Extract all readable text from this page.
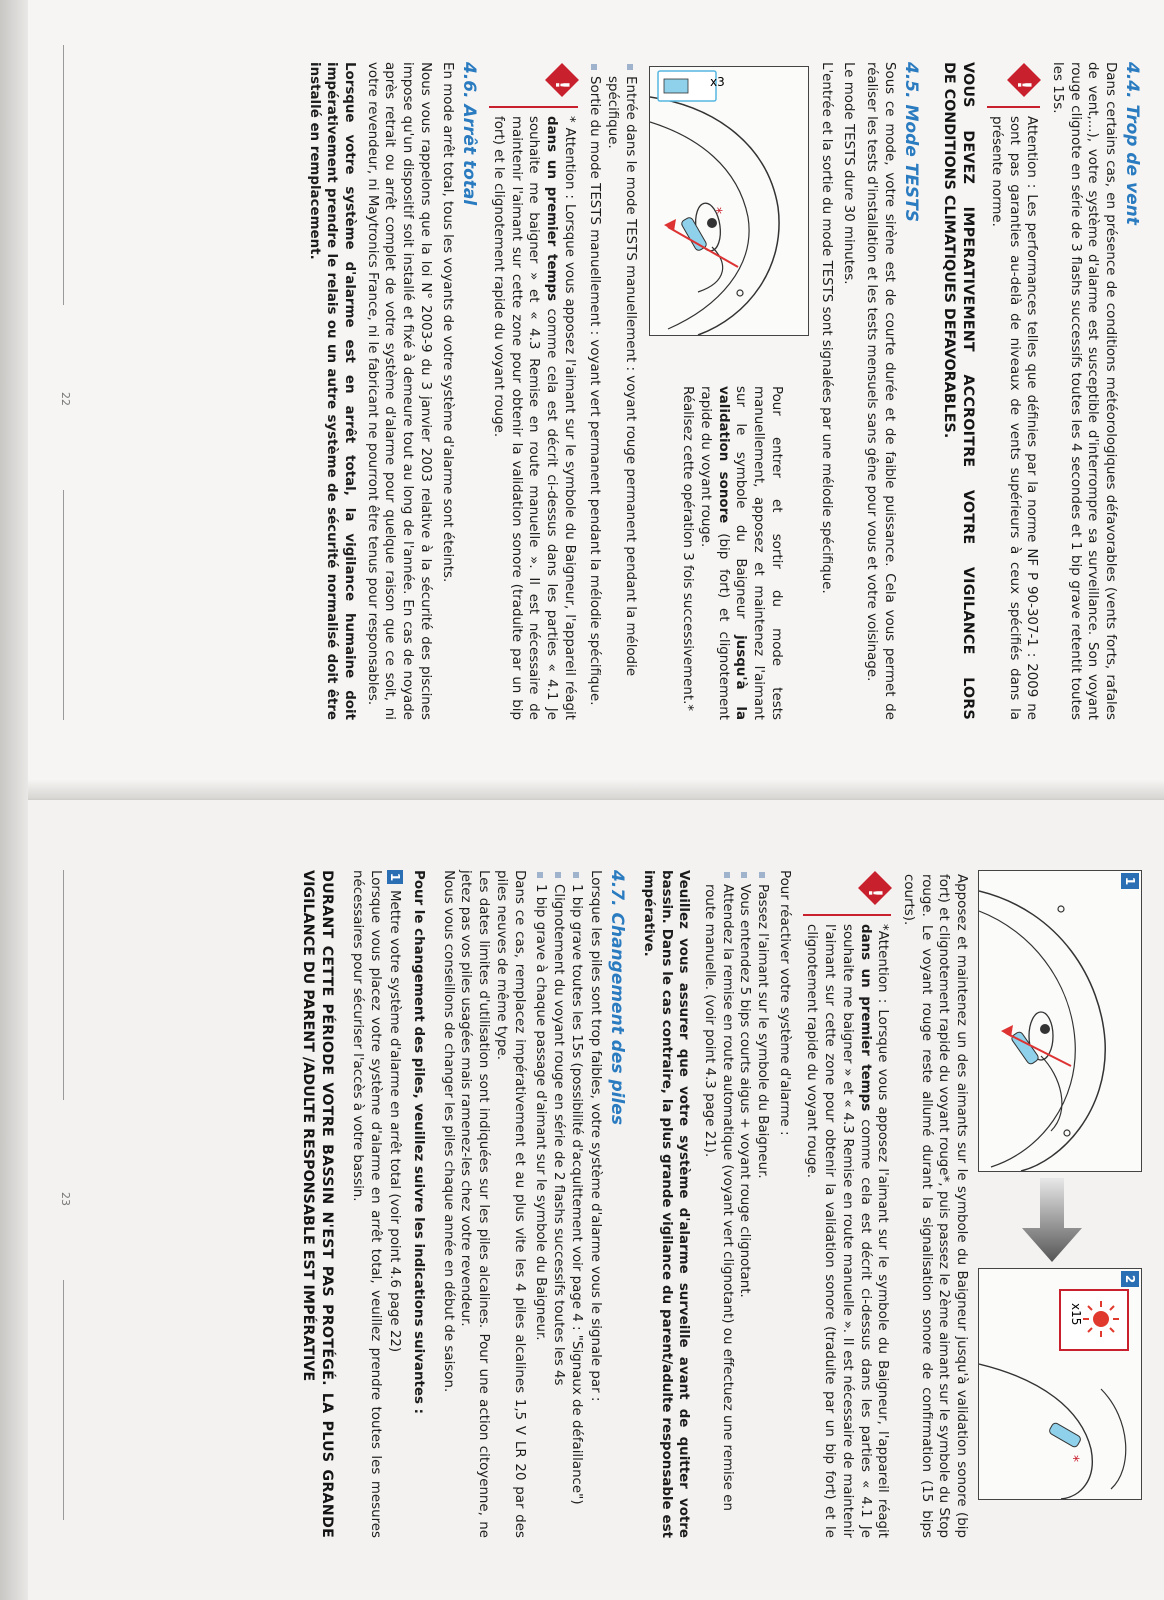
4.4. Trop de vent

Dans certains cas, en présence de conditions météorologiques défavorables (vents forts, rafales de vent,...), votre système d'alarme est susceptible d'interrompre sa surveillance. Son voyant rouge clignote en série de 3 flashs successifs toutes les 4 secondes et 1 bip grave retentit toutes les 15s.

!

Attention : Les performances telles que définies par la norme NF P 90-307-1 : 2009 ne sont pas garanties au-delà de niveaux de vents supérieurs à ceux spécifiés dans la présente norme.

VOUS DEVEZ IMPERATIVEMENT ACCROITRE VOTRE VIGILANCE LORS

DE CONDITIONS CLIMATIQUES DEFAVORABLES.

4.5. Mode TESTS

Sous ce mode, votre sirène est de courte durée et de faible puissance. Cela vous permet de réaliser les tests d'installation et les tests mensuels sans gêne pour vous et votre voisinage.

Le mode TESTS dure 30 minutes.

L'entrée et la sortie du mode TESTS sont signalées par une mélodie spécifique.

*
x3

Pour entrer et sortir du mode tests manuellement, apposez et maintenez l'aimant sur le symbole du Baigneur jusqu'à la validation sonore (bip fort) et clignotement rapide du voyant rouge.

Réalisez cette opération 3 fois successivement.*

Entrée dans le mode TESTS manuellement : voyant rouge permanent pendant la mélodie spécifique.
Sortie du mode TESTS manuellement : voyant vert permanent pendant la mélodie spécifique.
!

* Attention : Lorsque vous apposez l'aimant sur le symbole du Baigneur, l'appareil réagit dans un premier temps comme cela est décrit ci-dessus dans les parties « 4.1 Je souhaite me baigner » et « 4.3 Remise en route manuelle ». Il est nécessaire de maintenir l'aimant sur cette zone pour obtenir la validation sonore (traduite par un bip fort) et le clignotement rapide du voyant rouge.

4.6. Arrêt total

En mode arrêt total, tous les voyants de votre système d'alarme sont éteints.

Nous vous rappelons que la loi N° 2003-9 du 3 janvier 2003 relative à la sécurité des piscines impose qu'un dispositif soit installé et fixé à demeure tout au long de l'année. En cas de noyade après retrait ou arrêt complet de votre système d'alarme pour quelque raison que ce soit, ni votre revendeur, ni Maytronics France, ni le fabricant ne pourront être tenus pour responsables.

Lorsque votre système d'alarme est en arrêt total, la vigilance humaine doit impérativement prendre le relais ou un autre système de sécurité normalisé doit être installé en remplacement.

22
1
2
x15
*

Apposez et maintenez un des aimants sur le symbole du Baigneur jusqu'à validation sonore (bip fort) et clignotement rapide du voyant rouge*, puis passez le 2ème aimant sur le symbole du Stop rouge. Le voyant rouge reste allumé durant la signalisation sonore de confirmation (15 bips courts).

!

*Attention : Lorsque vous apposez l'aimant sur le symbole du Baigneur, l'appareil réagit dans un premier temps comme cela est décrit ci-dessus dans les parties « 4.1 Je souhaite me baigner » et « 4.3 Remise en route manuelle ». Il est nécessaire de maintenir l'aimant sur cette zone pour obtenir la validation sonore (traduite par un bip fort) et le clignotement rapide du voyant rouge.

Pour réactiver votre système d'alarme :

Passez l'aimant sur le symbole du Baigneur.
Vous entendez 5 bips courts aigus + voyant rouge clignotant.
Attendez la remise en route automatique (voyant vert clignotant) ou effectuez une remise en route manuelle. (voir point 4.3 page 21).

Veuillez vous assurer que votre système d'alarme surveille avant de quitter votre bassin. Dans le cas contraire, la plus grande vigilance du parent/adulte responsable est impérative.

4.7. Changement des piles

Lorsque les piles sont trop faibles, votre système d'alarme vous le signale par :

1 bip grave toutes les 15s (possibilité d'acquittement voir page 4 : "Signaux de défaillance")
Clignotement du voyant rouge en série de 2 flashs successifs toutes les 4s
1 bip grave à chaque passage d'aimant sur le symbole du Baigneur.

Dans ce cas, remplacez impérativement et au plus vite les 4 piles alcalines 1,5 V LR 20 par des piles neuves de même type.

Les dates limites d'utilisation sont indiquées sur les piles alcalines. Pour une action citoyenne, ne jetez pas vos piles usagées mais ramenez-les chez votre revendeur.

Nous vous conseillons de changer les piles chaque année en début de saison.

Pour le changement des piles, veuillez suivre les indications suivantes :

1Mettre votre système d'alarme en arrêt total (voir point 4.6 page 22)

Lorsque vous placez votre système d'alarme en arrêt total, veuillez prendre toutes les mesures nécessaires pour sécuriser l'accès à votre bassin.

DURANT CETTE PÉRIODE VOTRE BASSIN N'EST PAS PROTÉGÉ. LA PLUS GRANDE

VIGILANCE DU PARENT /ADULTE RESPONSABLE EST IMPÉRATIVE

23
